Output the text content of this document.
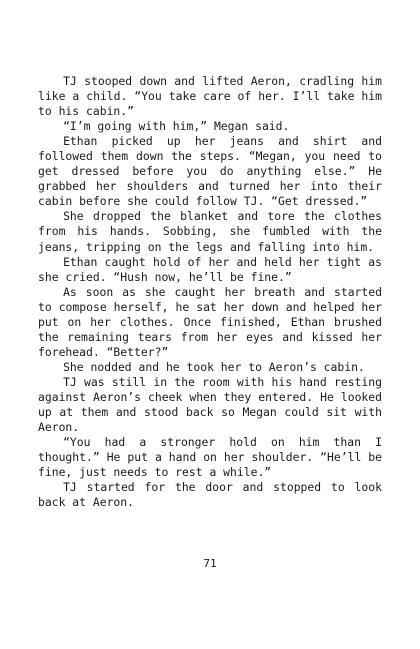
TJ stooped down and lifted Aeron, cradling him like a child. “You take care of her. I’ll take him to his cabin.”

“I’m going with him,” Megan said.

Ethan picked up her jeans and shirt and followed them down the steps. “Megan, you need to get dressed before you do anything else.” He grabbed her shoulders and turned her into their cabin before she could follow TJ. “Get dressed.”

She dropped the blanket and tore the clothes from his hands. Sobbing, she fumbled with the jeans, tripping on the legs and falling into him.

Ethan caught hold of her and held her tight as she cried. “Hush now, he’ll be fine.”

As soon as she caught her breath and started to compose herself, he sat her down and helped her put on her clothes. Once finished, Ethan brushed the remaining tears from her eyes and kissed her forehead. “Better?”

She nodded and he took her to Aeron’s cabin.

TJ was still in the room with his hand resting against Aeron’s cheek when they entered. He looked up at them and stood back so Megan could sit with Aeron.

“You had a stronger hold on him than I thought.” He put a hand on her shoulder. “He’ll be fine, just needs to rest a while.”

TJ started for the door and stopped to look back at Aeron.

71
